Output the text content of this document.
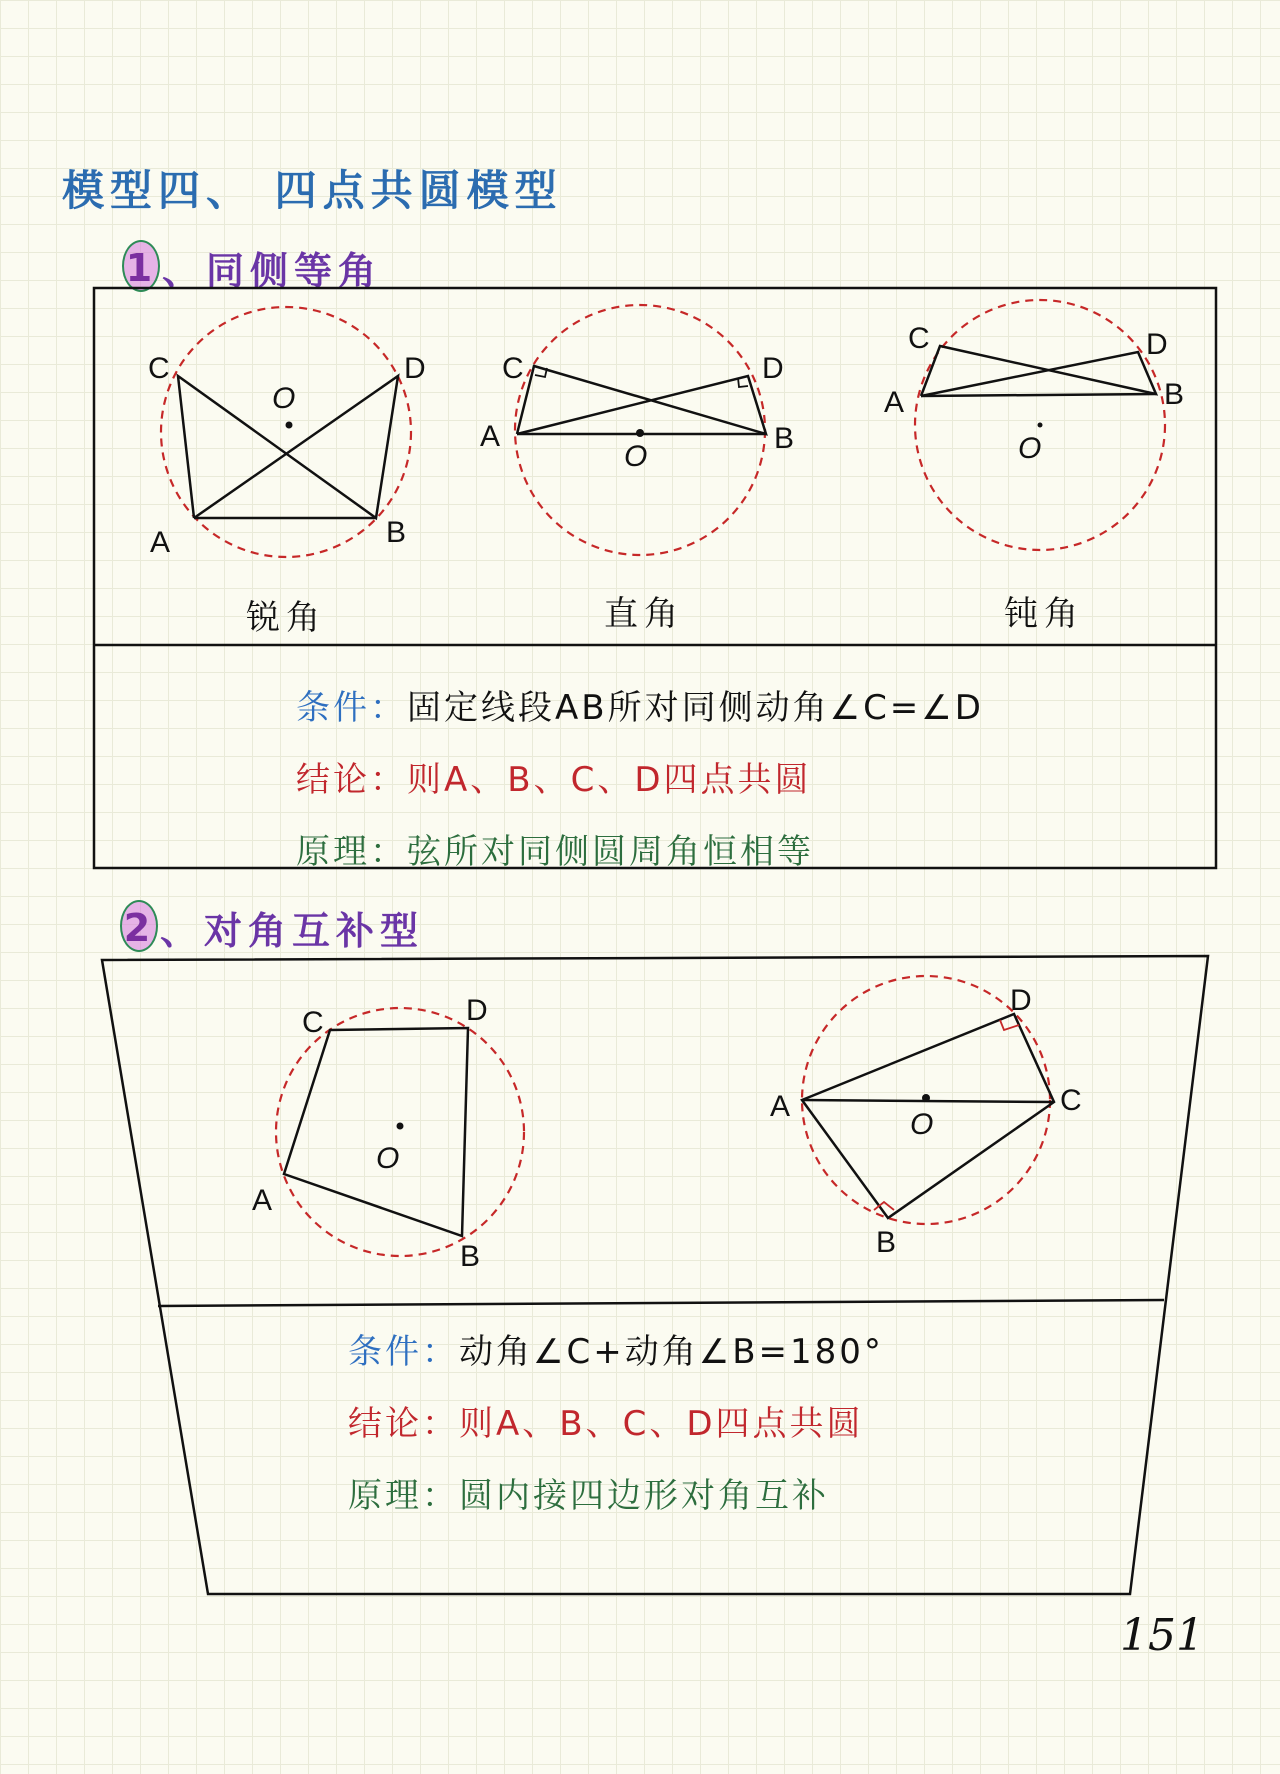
模型四、 四点共圆模型
1 、同侧等角
2 、对角互补型
C	D
A	B
O
C	D
A	B
O
C	D
A	B
O
C	D
A
B
O
D
A	C
B
O
锐角	直角	钝角
条件：固定线段AB所对同侧动角∠C=∠D
结论：则A、B、C、D四点共圆
原理：弦所对同侧圆周角恒相等
条件：动角∠C+动角∠B=180°
结论：则A、B、C、D四点共圆
原理：圆内接四边形对角互补
151
